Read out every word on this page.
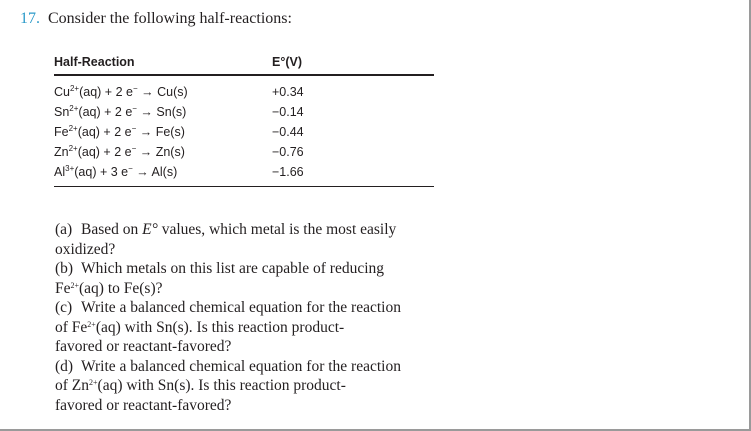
17. Consider the following half-reactions:
Half-Reaction	E°(V)
$Cu^{2+}(aq) + 2$ e− → Cu(s)	+0.34
$Sn^{2+}(aq) + 2$ e− → Sn(s)	−0.14
$Fe^{2+}(aq) + 2$ e− → Fe(s)	−0.44
$Zn^{2+}(aq) + 2$ e− → Zn(s)	−0.76
$Al^{3+}(aq) + 3$ e− → Al(s)	−1.66

(a) Based on E° values, which metal is the most easily
oxidized?

(b) Which metals on this list are capable of reducing
$Fe^{2+}(aq)$ to Fe(s)?

(c) Write a balanced chemical equation for the reaction
of $Fe^{2+}(aq)$ with Sn(s). Is this reaction product-
favored or reactant-favored?

(d) Write a balanced chemical equation for the reaction
of $Zn^{2+}(aq)$ with Sn(s). Is this reaction product-
favored or reactant-favored?
